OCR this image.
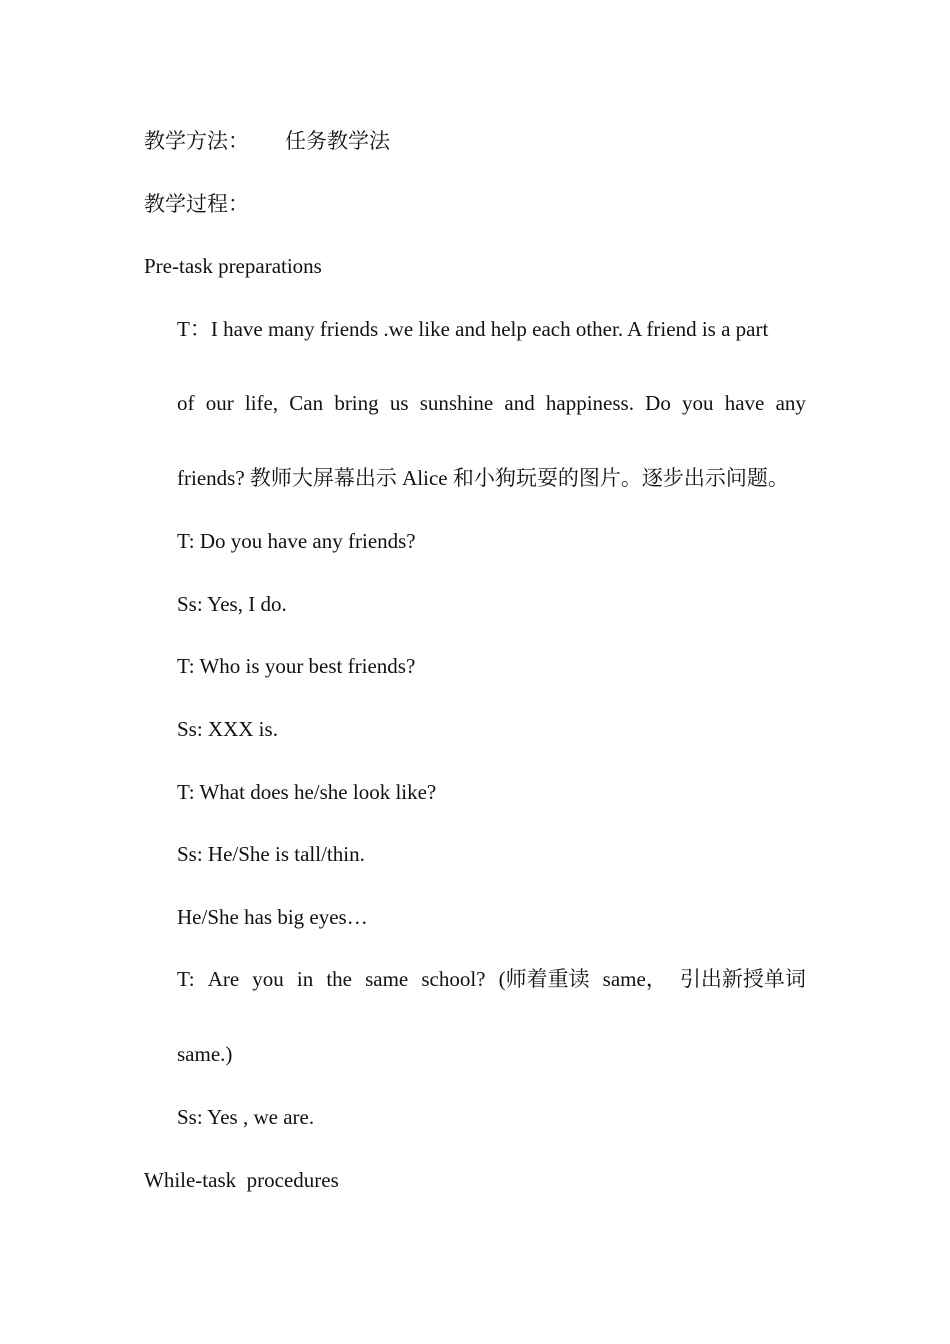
教学方法： 任务教学法
教学过程：
Pre-task preparations
T：I have many friends .we like and help each other. A friend is a part
of our life, Can bring us sunshine and happiness. Do you have any
friends? 教师大屏幕出示 Alice 和小狗玩耍的图片。逐步出示问题。
T: Do you have any friends?
Ss: Yes, I do.
T: Who is your best friends?
Ss: XXX is.
T: What does he/she look like?
Ss: He/She is tall/thin.
He/She has big eyes…
T: Are you in the same school? (师着重读 same， 引出新授单词
same.)
Ss: Yes , we are.
While-task  procedures
